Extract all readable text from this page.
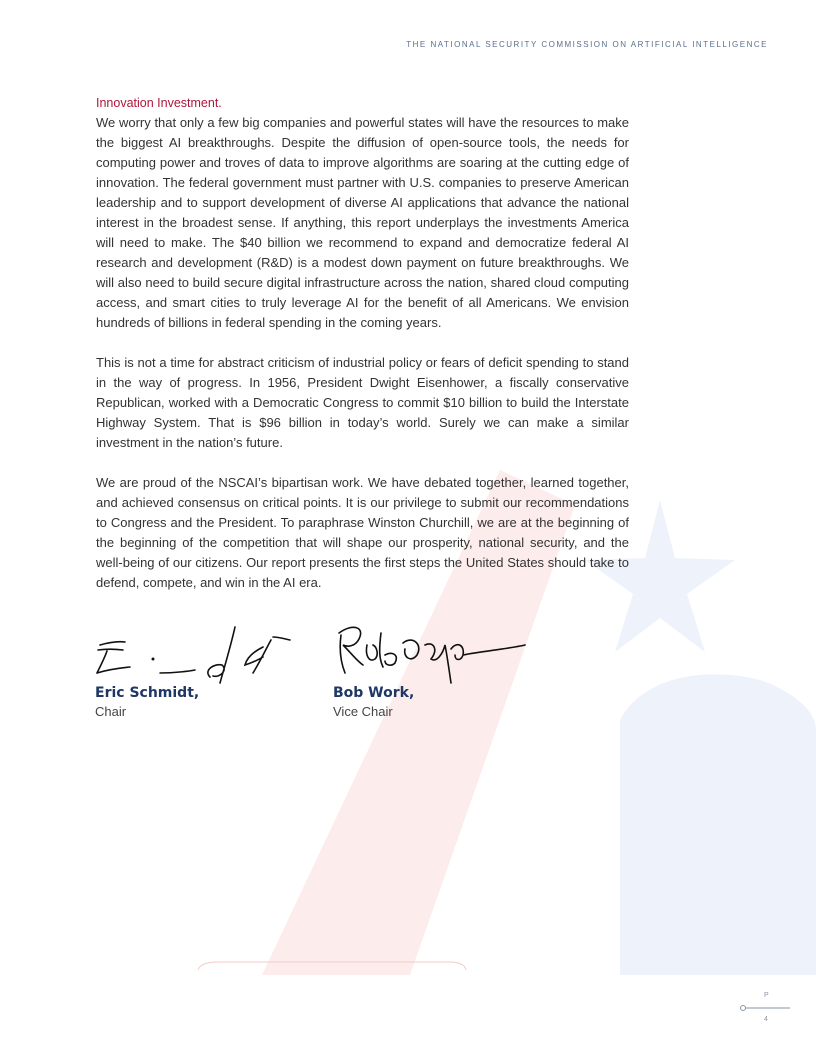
THE NATIONAL SECURITY COMMISSION ON ARTIFICIAL INTELLIGENCE
Innovation Investment.

We worry that only a few big companies and powerful states will have the resources to make the biggest AI breakthroughs. Despite the diffusion of open-source tools, the needs for computing power and troves of data to improve algorithms are soaring at the cutting edge of innovation. The federal government must partner with U.S. companies to preserve American leadership and to support development of diverse AI applications that advance the national interest in the broadest sense. If anything, this report underplays the investments America will need to make. The $40 billion we recommend to expand and democratize federal AI research and development (R&D) is a modest down payment on future breakthroughs. We will also need to build secure digital infrastructure across the nation, shared cloud computing access, and smart cities to truly leverage AI for the benefit of all Americans. We envision hundreds of billions in federal spending in the coming years.

This is not a time for abstract criticism of industrial policy or fears of deficit spending to stand in the way of progress. In 1956, President Dwight Eisenhower, a fiscally conservative Republican, worked with a Democratic Congress to commit $10 billion to build the Interstate Highway System. That is $96 billion in today’s world. Surely we can make a similar investment in the nation’s future.

We are proud of the NSCAI’s bipartisan work. We have debated together, learned together, and achieved consensus on critical points. It is our privilege to submit our recommendations to Congress and the President. To paraphrase Winston Churchill, we are at the beginning of the beginning of the competition that will shape our prosperity, national security, and the well-being of our citizens. Our report presents the first steps the United States should take to defend, compete, and win in the AI era.

Eric Schmidt,
Chair
Bob Work,
Vice Chair
P
4
